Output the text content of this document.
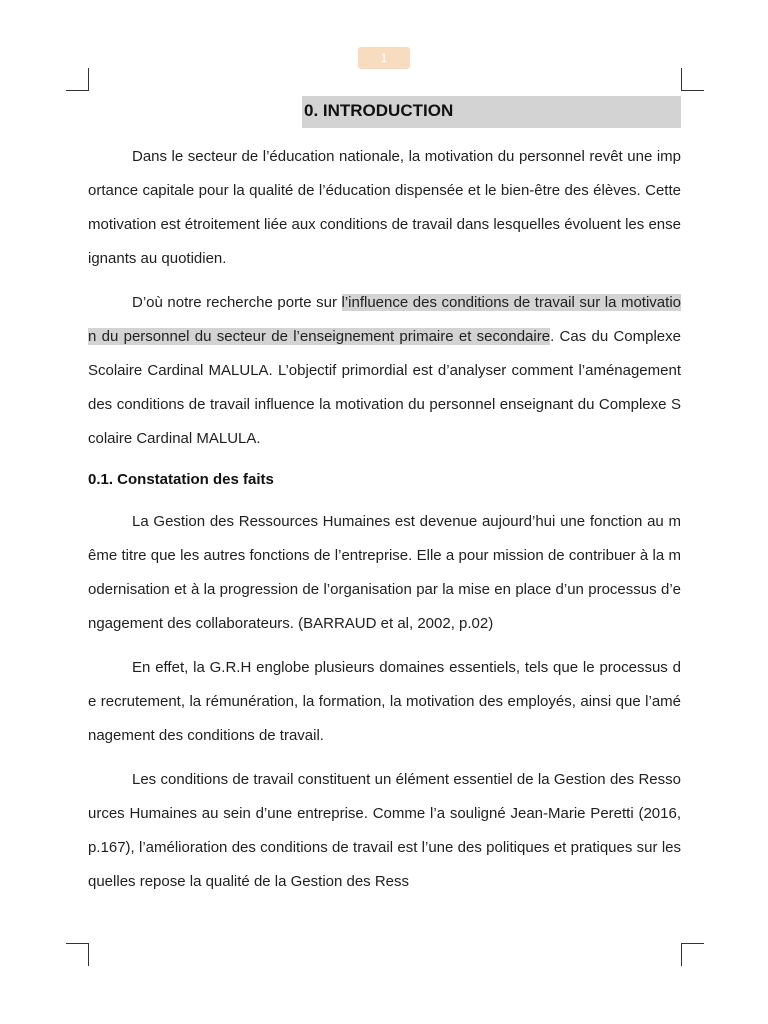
1
0. INTRODUCTION

Dans le secteur de l’éducation nationale, la motivation du personnel revêt une importance capitale pour la qualité de l’éducation dispensée et le bien-être des élèves. Cette motivation est étroitement liée aux conditions de travail dans lesquelles évoluent les enseignants au quotidien.

D’où notre recherche porte sur l’influence des conditions de travail sur la motivation du personnel du secteur de l’enseignement primaire et secondaire. Cas du Complexe Scolaire Cardinal MALULA. L’objectif primordial est d’analyser comment l’aménagement des conditions de travail influence la motivation du personnel enseignant du Complexe Scolaire Cardinal MALULA.

0.1. Constatation des faits

La Gestion des Ressources Humaines est devenue aujourd’hui une fonction au même titre que les autres fonctions de l’entreprise. Elle a pour mission de contribuer à la modernisation et à la progression de l’organisation par la mise en place d’un processus d’engagement des collaborateurs. (BARRAUD et al, 2002, p.02)

En effet, la G.R.H englobe plusieurs domaines essentiels, tels que le processus de recrutement, la rémunération, la formation, la motivation des employés, ainsi que l’aménagement des conditions de travail.

Les conditions de travail constituent un élément essentiel de la Gestion des Ressources Humaines au sein d’une entreprise. Comme l’a souligné Jean-Marie Peretti (2016, p.167), l’amélioration des conditions de travail est l’une des politiques et pratiques sur lesquelles repose la qualité de la Gestion des Ress
